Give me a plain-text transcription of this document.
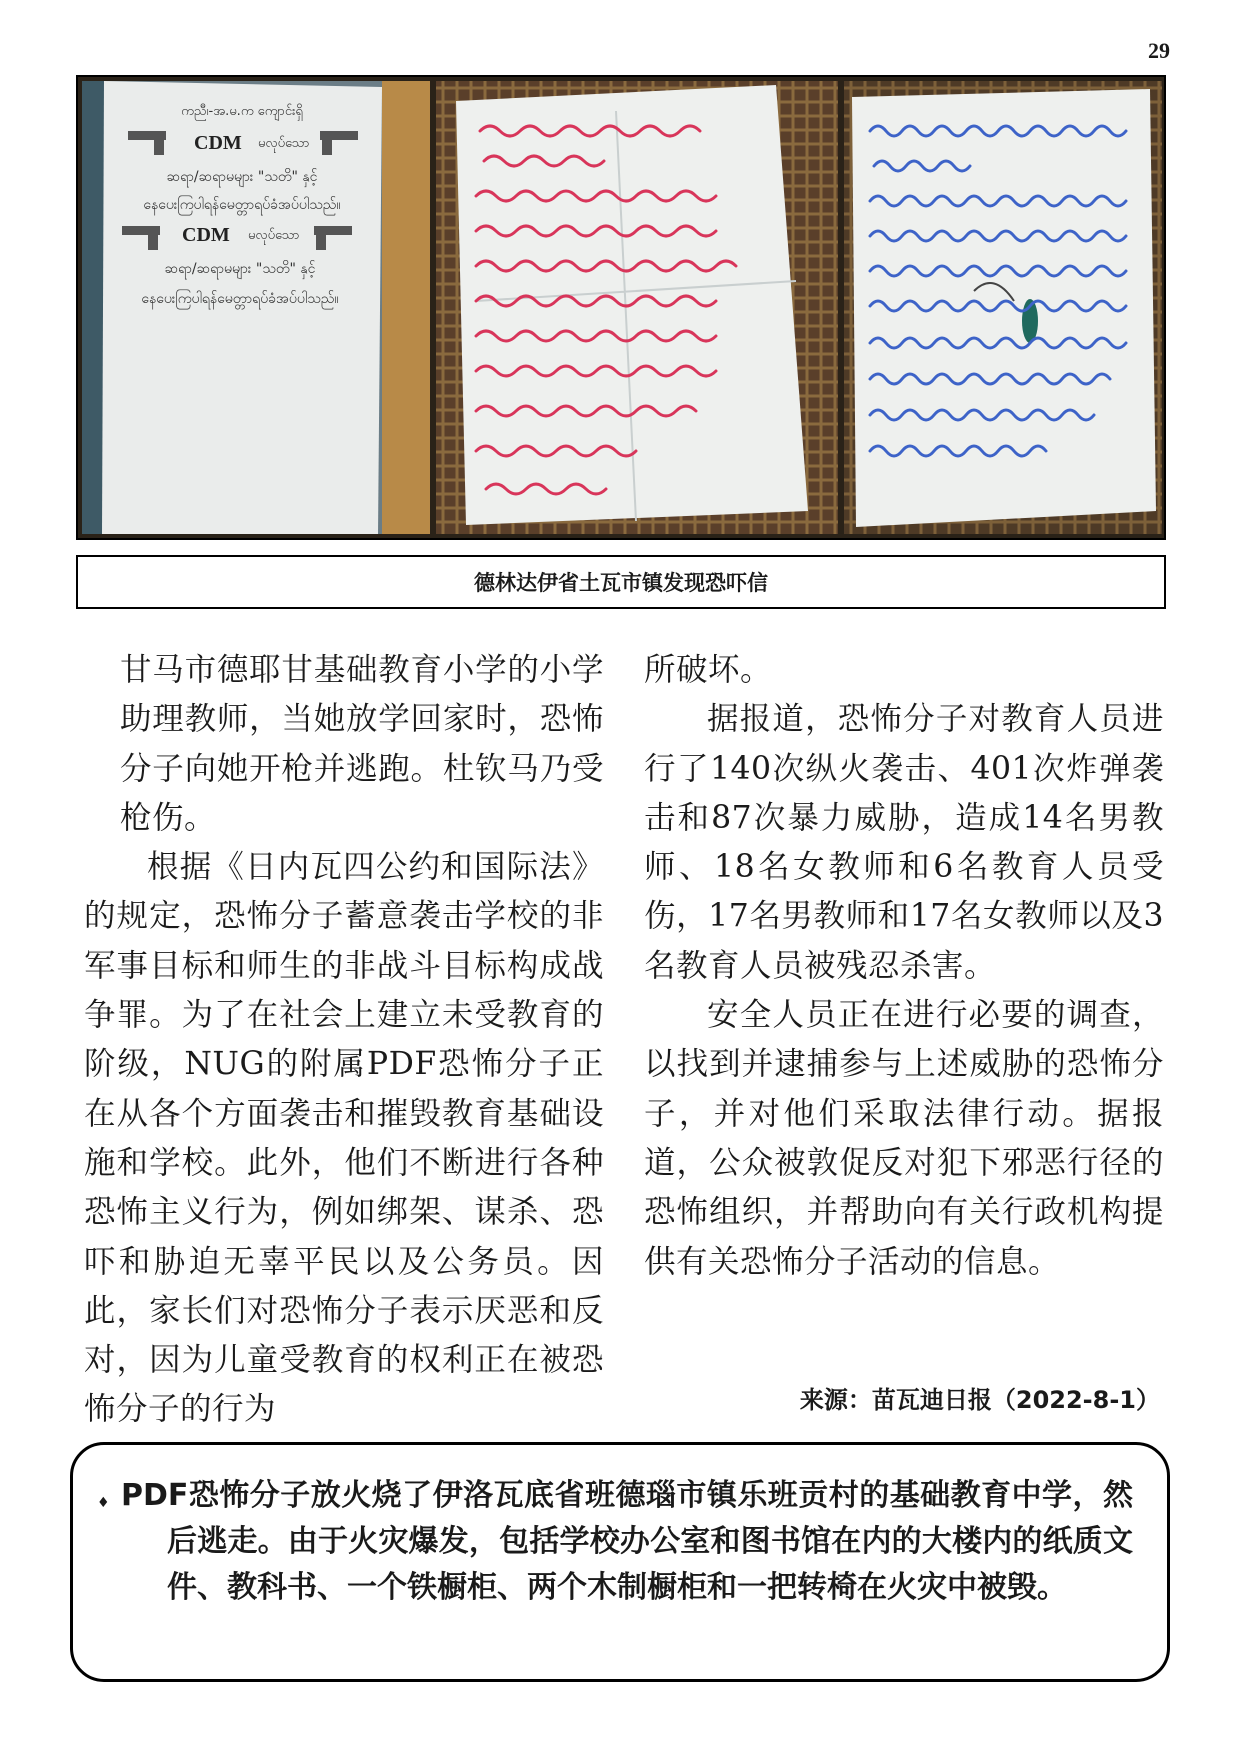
29
ကညီ၊-အ.မ.က ကျောင်းရှိ
CDM မလုပ်သော
ဆရာ/ဆရာမများ "သတိ" နှင့်
နေပေးကြပါရန်မေတ္တာရပ်ခံအပ်ပါသည်။
CDM မလုပ်သော
ဆရာ/ဆရာမများ "သတိ" နှင့်
နေပေးကြပါရန်မေတ္တာရပ်ခံအပ်ပါသည်။
德林达伊省土瓦市镇发现恐吓信

甘马市德耶甘基础教育小学的小学助理教师，当她放学回家时，恐怖分子向她开枪并逃跑。杜钦马乃受枪伤。

根据《日内瓦四公约和国际法》的规定，恐怖分子蓄意袭击学校的非军事目标和师生的非战斗目标构成战争罪。为了在社会上建立未受教育的阶级，NUG的附属PDF恐怖分子正在从各个方面袭击和摧毁教育基础设施和学校。此外，他们不断进行各种恐怖主义行为，例如绑架、谋杀、恐吓和胁迫无辜平民以及公务员。因此，家长们对恐怖分子表示厌恶和反对，因为儿童受教育的权利正在被恐怖分子的行为

所破坏。

据报道，恐怖分子对教育人员进行了140次纵火袭击、401次炸弹袭击和87次暴力威胁，造成14名男教师、18名女教师和6名教育人员受伤，17名男教师和17名女教师以及3名教育人员被残忍杀害。

安全人员正在进行必要的调查，以找到并逮捕参与上述威胁的恐怖分子，并对他们采取法律行动。据报道，公众被敦促反对犯下邪恶行径的恐怖组织，并帮助向有关行政机构提供有关恐怖分子活动的信息。

来源：苗瓦迪日报（2022-8-1）
♦ PDF恐怖分子放火烧了伊洛瓦底省班德瑙市镇乐班贡村的基础教育中学，然后逃走。由于火灾爆发，包括学校办公室和图书馆在内的大楼内的纸质文件、教科书、一个铁橱柜、两个木制橱柜和一把转椅在火灾中被毁。
